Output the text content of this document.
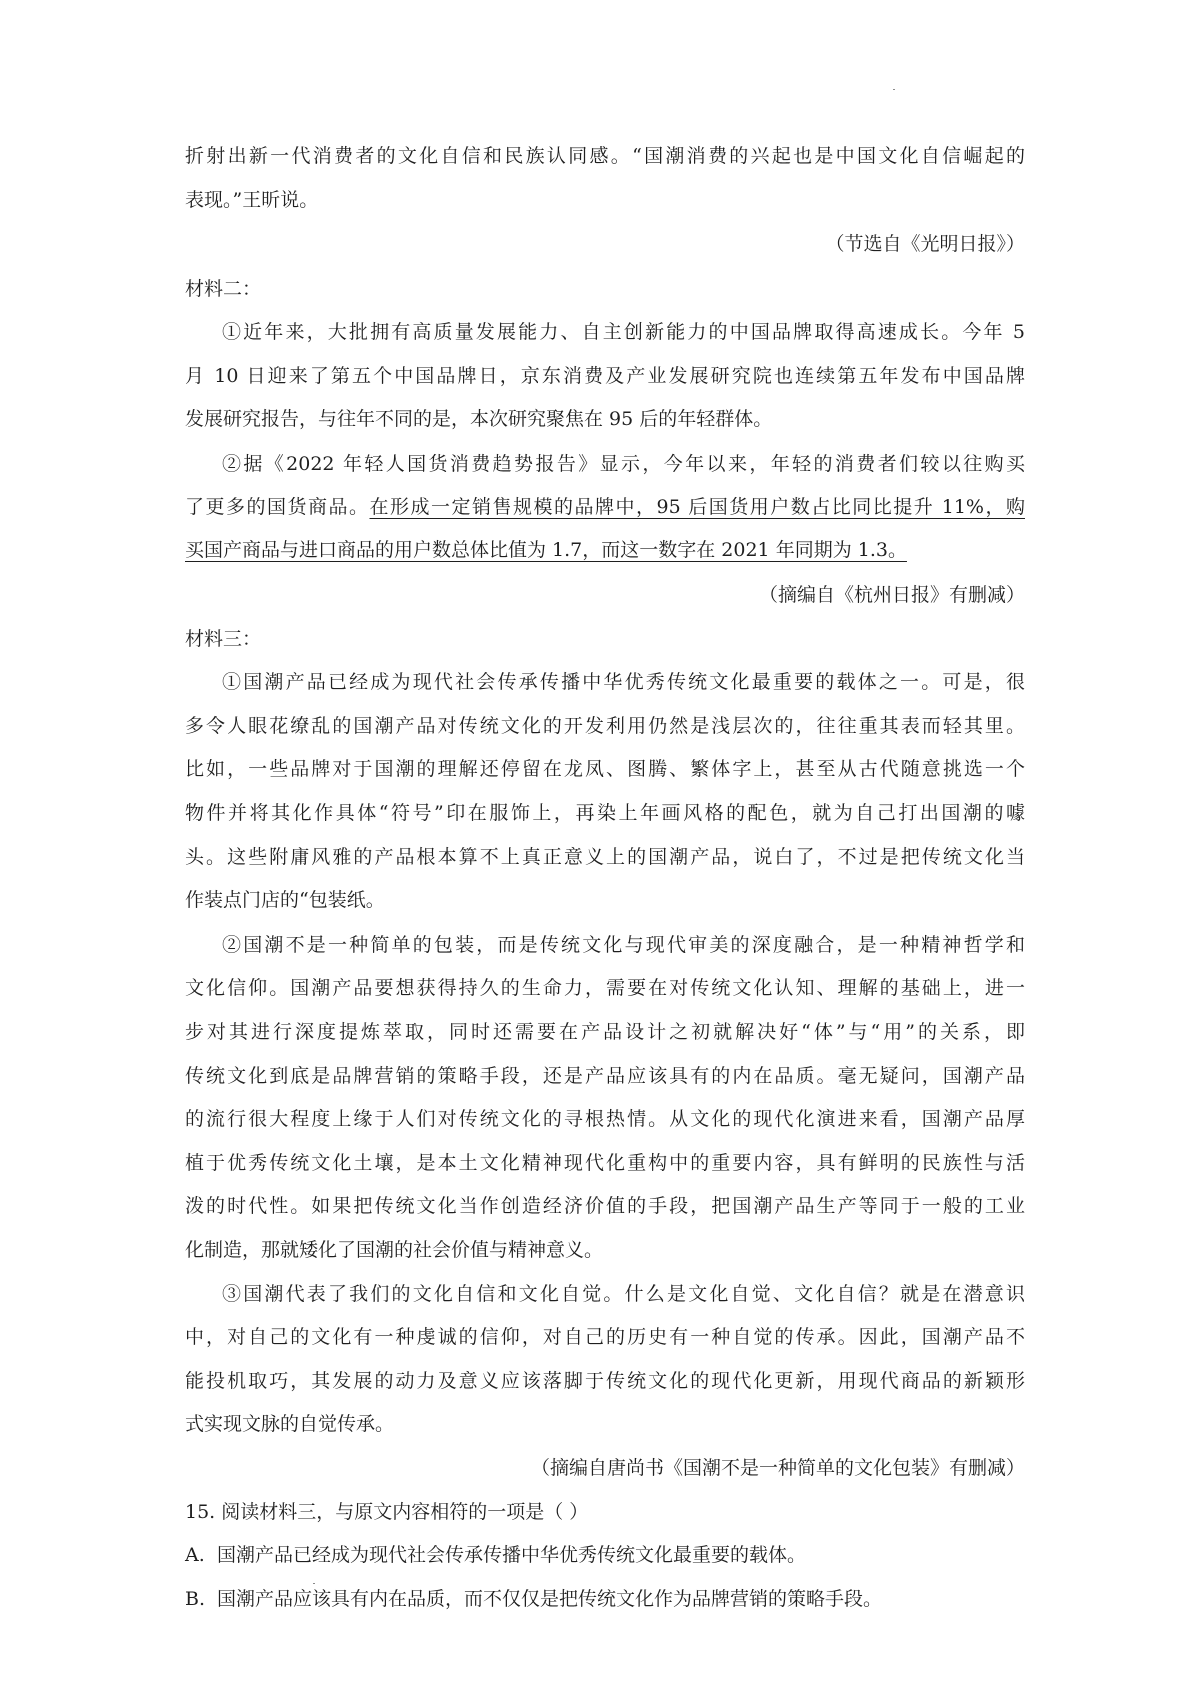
折射出新一代消费者的文化自信和民族认同感。“国潮消费的兴起也是中国文化自信崛起的
表现。”王昕说。
（节选自《光明日报》）
材料二：
①近年来，大批拥有高质量发展能力、自主创新能力的中国品牌取得高速成长。今年 5
月 10 日迎来了第五个中国品牌日，京东消费及产业发展研究院也连续第五年发布中国品牌
发展研究报告，与往年不同的是，本次研究聚焦在 95 后的年轻群体。
②据《2022 年轻人国货消费趋势报告》显示，今年以来，年轻的消费者们较以往购买
了更多的国货商品。在形成一定销售规模的品牌中，95 后国货用户数占比同比提升 11%，购
买国产商品与进口商品的用户数总体比值为 1.7，而这一数字在 2021 年同期为 1.3。
（摘编自《杭州日报》有删减）
材料三：
①国潮产品已经成为现代社会传承传播中华优秀传统文化最重要的载体之一。可是，很
多令人眼花缭乱的国潮产品对传统文化的开发利用仍然是浅层次的，往往重其表而轻其里。
比如，一些品牌对于国潮的理解还停留在龙凤、图腾、繁体字上，甚至从古代随意挑选一个
物件并将其化作具体“符号”印在服饰上，再染上年画风格的配色，就为自己打出国潮的噱
头。这些附庸风雅的产品根本算不上真正意义上的国潮产品，说白了，不过是把传统文化当
作装点门店的“包装纸。
②国潮不是一种简单的包装，而是传统文化与现代审美的深度融合，是一种精神哲学和
文化信仰。国潮产品要想获得持久的生命力，需要在对传统文化认知、理解的基础上，进一
步对其进行深度提炼萃取，同时还需要在产品设计之初就解决好“体”与“用”的关系，即
传统文化到底是品牌营销的策略手段，还是产品应该具有的内在品质。毫无疑问，国潮产品
的流行很大程度上缘于人们对传统文化的寻根热情。从文化的现代化演进来看，国潮产品厚
植于优秀传统文化土壤，是本土文化精神现代化重构中的重要内容，具有鲜明的民族性与活
泼的时代性。如果把传统文化当作创造经济价值的手段，把国潮产品生产等同于一般的工业
化制造，那就矮化了国潮的社会价值与精神意义。
③国潮代表了我们的文化自信和文化自觉。什么是文化自觉、文化自信？就是在潜意识
中，对自己的文化有一种虔诚的信仰，对自己的历史有一种自觉的传承。因此，国潮产品不
能投机取巧，其发展的动力及意义应该落脚于传统文化的现代化更新，用现代商品的新颖形
式实现文脉的自觉传承。
（摘编自唐尚书《国潮不是一种简单的文化包装》有删减）
15. 阅读材料三，与原文内容相符的一项是（ ）
A. 国潮产品已经成为现代社会传承传播中华优秀传统文化最重要的载体。
B. 国潮产品应该具有内在品质，而不仅仅是把传统文化作为品牌营销的策略手段。
